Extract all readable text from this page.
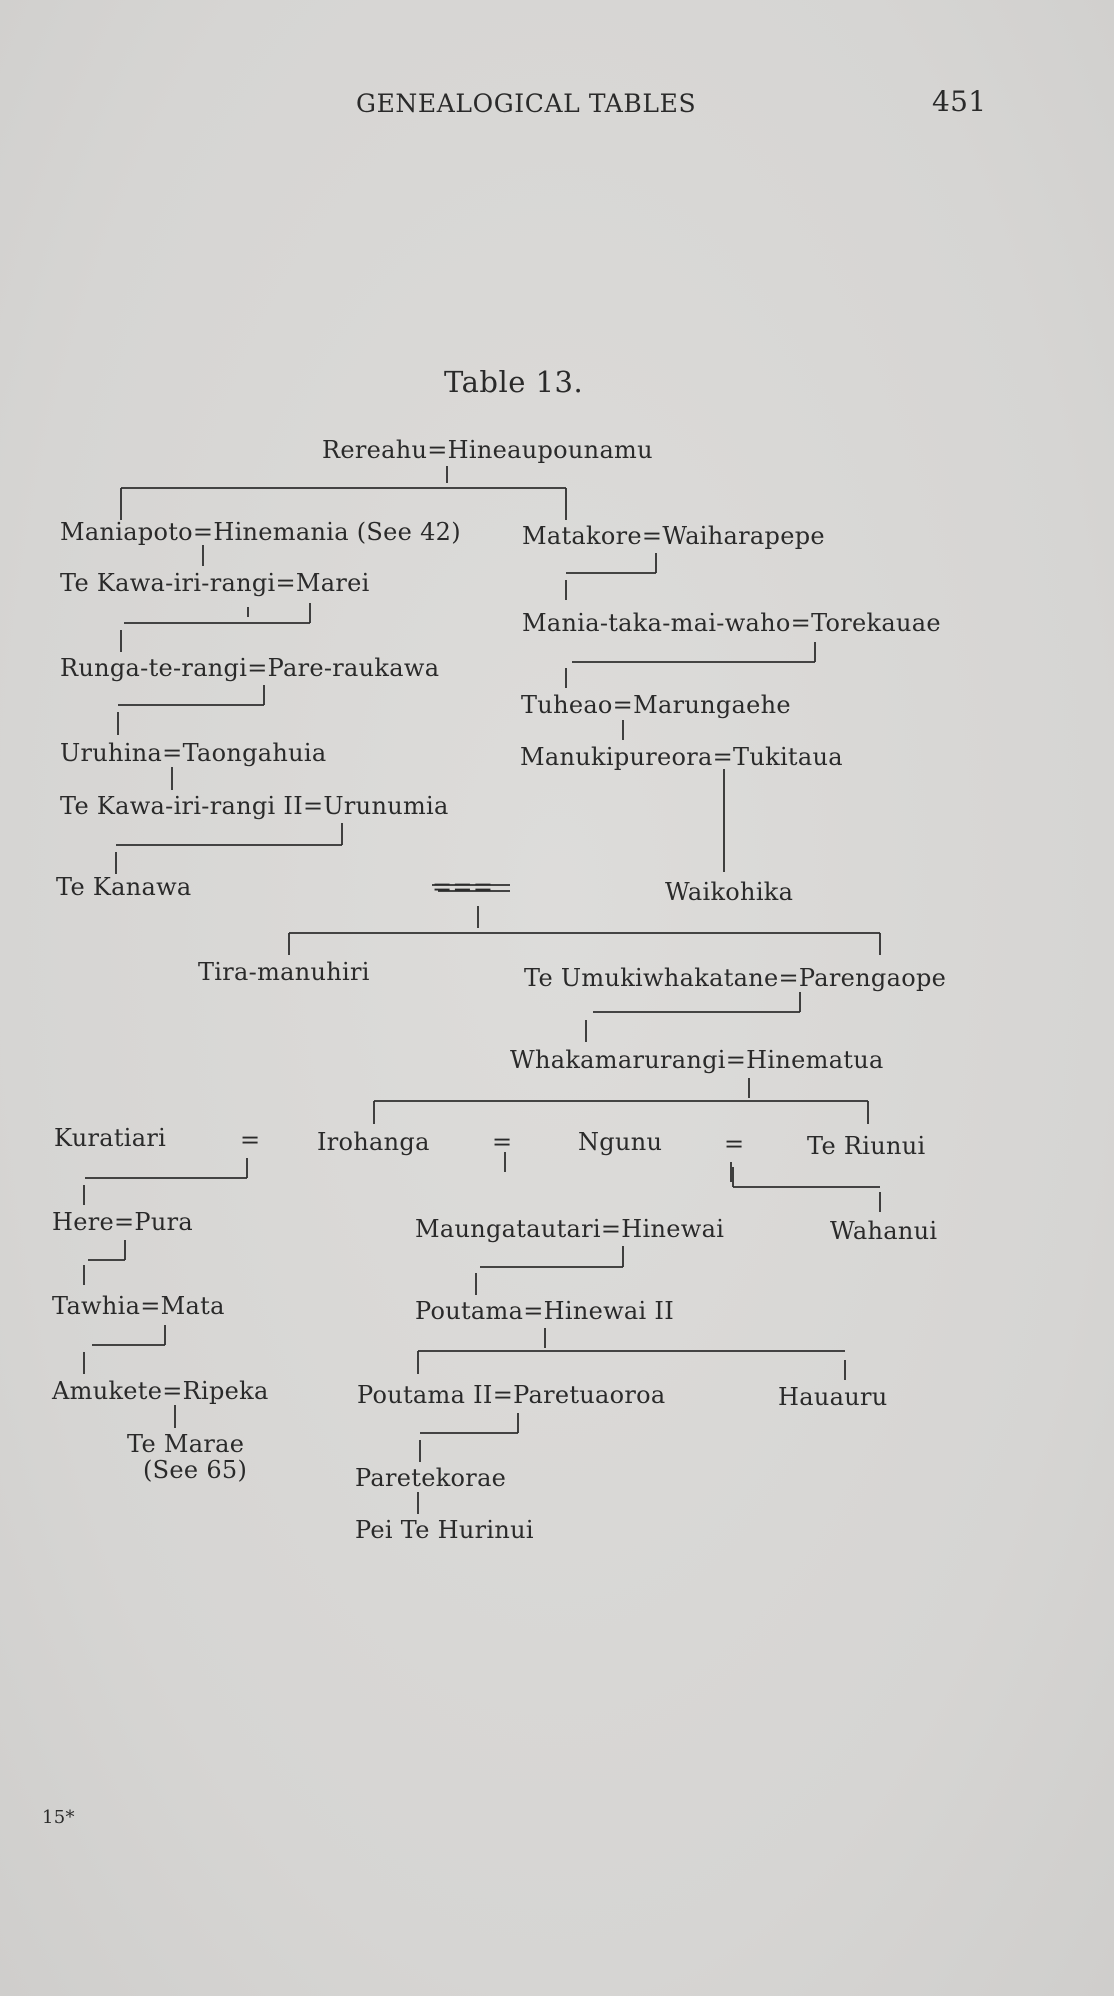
GENEALOGICAL TABLES	451
Table 13.
Rereahu=Hineaupounamu
Maniapoto=Hinemania (See 42)	Matakore=Waiharapepe
Te Kawa-iri-rangi=Marei
Mania-taka-mai-waho=Torekauae
Runga-te-rangi=Pare-raukawa
Tuheao=Marungaehe
Uruhina=Taongahuia	Manukipureora=Tukitaua
Te Kawa-iri-rangi II=Urunumia
Te Kanawa	===	Waikohika
Tira-manuhiri	Te Umukiwhakatane=Parengaope
Whakamarurangi=Hinematua
Kuratiari	= Irohanga	=	Ngunu	=	Te Riunui
Here=Pura	Maungatautari=Hinewai	Wahanui
Tawhia=Mata	Poutama=Hinewai II
Amukete=Ripeka	Poutama II=Paretuaoroa	Hauauru
Te Marae
(See 65)	Paretekorae
Pei Te Hurinui
15*
